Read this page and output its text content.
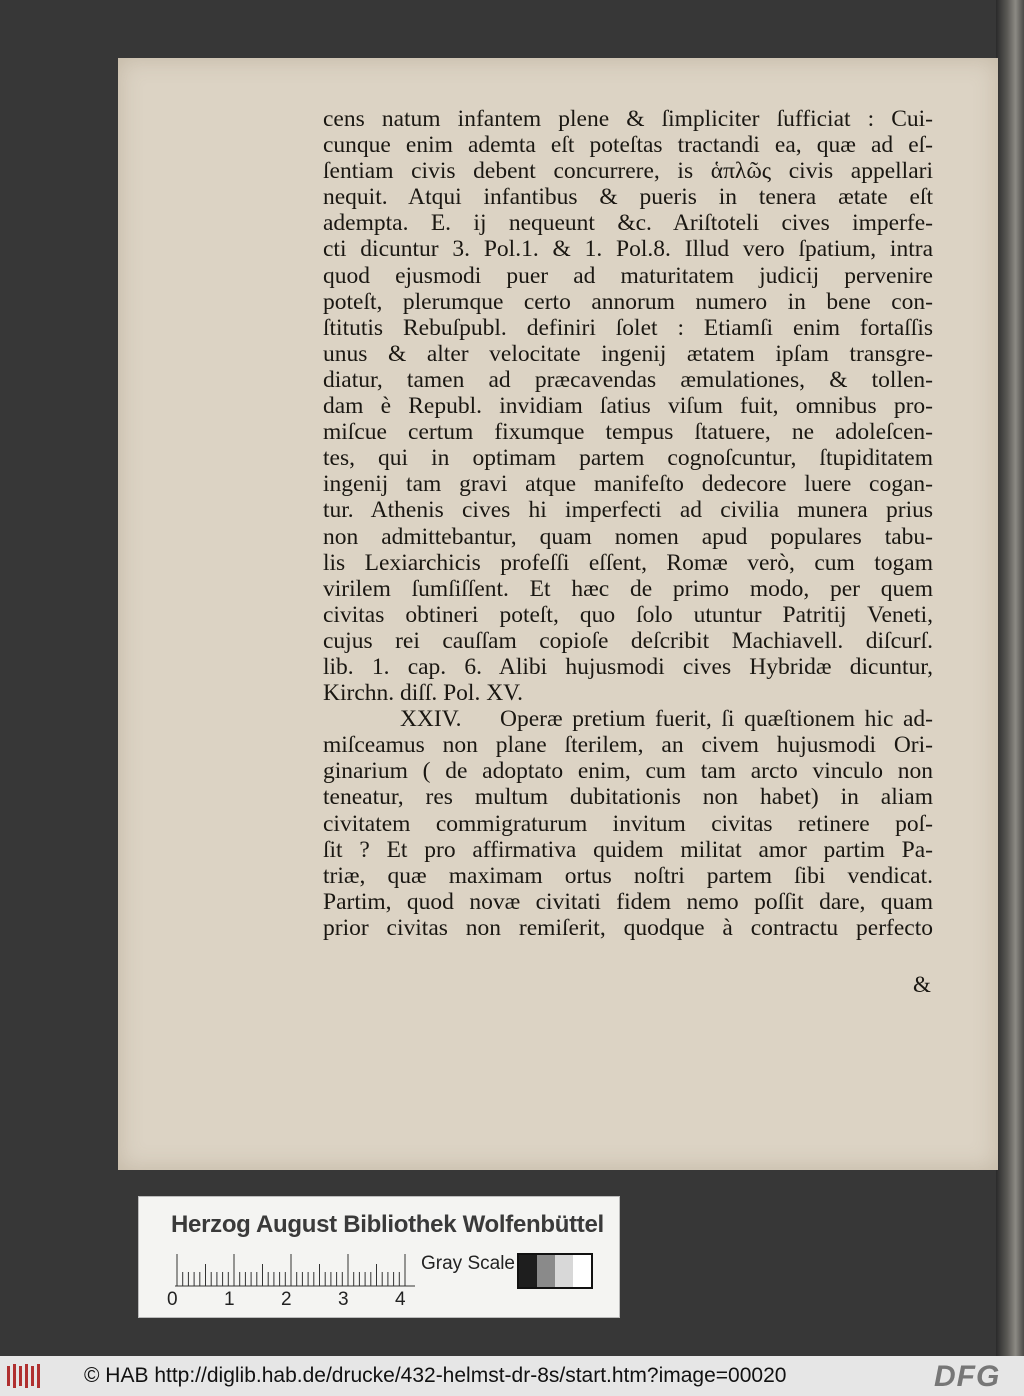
cens natum infantem plene & ſimpliciter ſufficiat : Cui-
cunque enim ademta eſt poteſtas tractandi ea, quæ ad eſ-
ſentiam civis debent concurrere, is ἁπλῶς civis appellari
nequit. Atqui infantibus & pueris in tenera ætate eſt
adempta. E. ij nequeunt &c. Ariſtoteli cives imperfe-
cti dicuntur 3. Pol.1. & 1. Pol.8. Illud vero ſpatium, intra
quod ejusmodi puer ad maturitatem judicij pervenire
poteſt, plerumque certo annorum numero in bene con-
ſtitutis Rebuſpubl. definiri ſolet : Etiamſi enim fortaſſis
unus & alter velocitate ingenij ætatem ipſam transgre-
diatur, tamen ad præcavendas æmulationes, & tollen-
dam è Republ. invidiam ſatius viſum fuit, omnibus pro-
miſcue certum fixumque tempus ſtatuere, ne adoleſcen-
tes, qui in optimam partem cognoſcuntur, ſtupiditatem
ingenij tam gravi atque manifeſto dedecore luere cogan-
tur. Athenis cives hi imperfecti ad civilia munera prius
non admittebantur, quam nomen apud populares tabu-
lis Lexiarchicis profeſſi eſſent, Romæ verò, cum togam
virilem ſumſiſſent. Et hæc de primo modo, per quem
civitas obtineri poteſt, quo ſolo utuntur Patritij Veneti,
cujus rei cauſſam copioſe deſcribit Machiavell. diſcurſ.
lib. 1. cap. 6. Alibi hujusmodi cives Hybridæ dicuntur,
Kirchn. diſſ. Pol. XV.
XXIV.    Operæ pretium fuerit, ſi quæſtionem hic ad-
miſceamus non plane ſterilem, an civem hujusmodi Ori-
ginarium ( de adoptato enim, cum tam arcto vinculo non
teneatur, res multum dubitationis non habet) in aliam
civitatem commigraturum invitum civitas retinere poſ-
ſit ? Et pro affirmativa quidem militat amor partim Pa-
triæ, quæ maximam ortus noſtri partem ſibi vendicat.
Partim, quod novæ civitati fidem nemo poſſit dare, quam
prior civitas non remiſerit, quodque à contractu perfecto
&
Herzog August Bibliothek Wolfenbüttel
0 1 2 3 4
Gray Scale
© HAB http://diglib.hab.de/drucke/432-helmst-dr-8s/start.htm?image=00020	DFG
